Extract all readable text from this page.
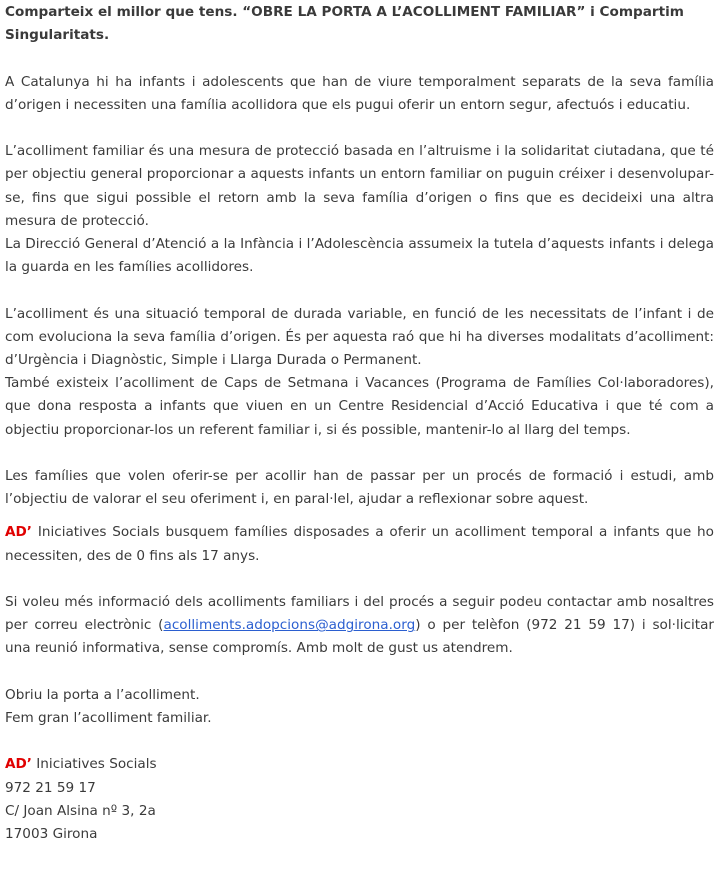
Comparteix el millor que tens. “OBRE LA PORTA A L’ACOLLIMENT FAMILIAR” i Compartim
Singularitats.

A Catalunya hi ha infants i adolescents que han de viure temporalment separats de la seva família d’origen i necessiten una família acollidora que els pugui oferir un entorn segur, afectuós i educatiu.

L’acolliment familiar és una mesura de protecció basada en l’altruisme i la solidaritat ciutadana, que té per objectiu general proporcionar a aquests infants un entorn familiar on puguin créixer i desenvolupar-se, fins que sigui possible el retorn amb la seva família d’origen o fins que es decideixi una altra mesura de protecció.

La Direcció General d’Atenció a la Infància i l’Adolescència assumeix la tutela d’aquests infants i delega la guarda en les famílies acollidores.

L’acolliment és una situació temporal de durada variable, en funció de les necessitats de l’infant i de com evoluciona la seva família d’origen. És per aquesta raó que hi ha diverses modalitats d’acolliment: d’Urgència i Diagnòstic, Simple i Llarga Durada o Permanent.

També existeix l’acolliment de Caps de Setmana i Vacances (Programa de Famílies Col·laboradores), que dona resposta a infants que viuen en un Centre Residencial d’Acció Educativa i que té com a objectiu proporcionar-los un referent familiar i, si és possible, mantenir-lo al llarg del temps.

Les famílies que volen oferir-se per acollir han de passar per un procés de formació i estudi, amb l’objectiu de valorar el seu oferiment i, en paral·lel, ajudar a reflexionar sobre aquest.

AD’ Iniciatives Socials busquem famílies disposades a oferir un acolliment temporal a infants que ho necessiten, des de 0 fins als 17 anys.

Si voleu més informació dels acolliments familiars i del procés a seguir podeu contactar amb nosaltres per correu electrònic (acolliments.adopcions@adgirona.org) o per telèfon (972 21 59 17) i sol·licitar una reunió informativa, sense compromís. Amb molt de gust us atendrem.

Obriu la porta a l’acolliment.

Fem gran l’acolliment familiar.

AD’ Iniciatives Socials

972 21 59 17

C/ Joan Alsina nº 3, 2a

17003 Girona
